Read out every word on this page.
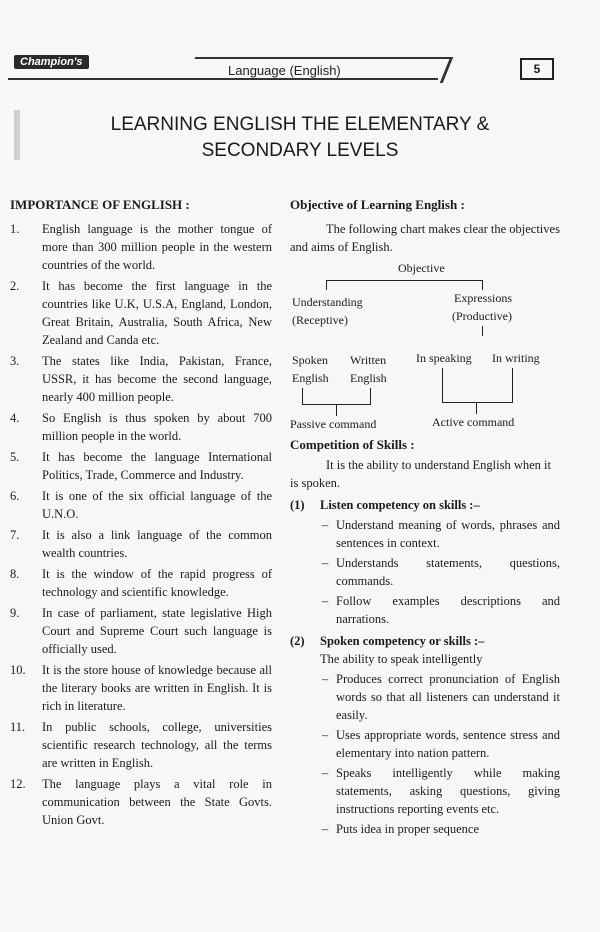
Champion's
Language (English)	5
LEARNING ENGLISH THE ELEMENTARY &
SECONDARY LEVELS
IMPORTANCE OF ENGLISH :
1. English language is the mother tongue of more than 300 million people in the western countries of the world.
2. It has become the first language in the countries like U.K, U.S.A, England, London, Great Britain, Australia, South Africa, New Zealand and Canda etc.
3. The states like India, Pakistan, France, USSR, it has become the second language, nearly 400 million people.
4. So English is thus spoken by about 700 million people in the world.
5. It has become the language International Politics, Trade, Commerce and Industry.
6. It is one of the six official language of the U.N.O.
7. It is also a link language of the common wealth countries.
8. It is the window of the rapid progress of technology and scientific knowledge.
9. In case of parliament, state legislative High Court and Supreme Court such language is officially used.
10. It is the store house of knowledge because all the literary books are written in English. It is rich in literature.
11. In public schools, college, universities scientific research technology, all the terms are written in English.
12. The language plays a vital role in communication between the State Govts. Union Govt.
Objective of Learning English :

The following chart makes clear the objectives and aims of English.

Objective
Understanding
(Receptive)
Expressions
(Productive)
Spoken
English
Written
English
In speaking In writing
Passive command	Active command
Competition of Skills :

It is the ability to understand English when it is spoken.

(1) Listen competency on skills :–
– Understand meaning of words, phrases and sentences in context.
– Understands statements, questions, commands.
– Follow examples descriptions and narrations.
(2) Spoken competency or skills :–

The ability to speak intelligently

– Produces correct pronunciation of English words so that all listeners can understand it easily.
– Uses appropriate words, sentence stress and elementary into nation pattern.
– Speaks intelligently while making statements, asking questions, giving instructions reporting events etc.
– Puts idea in proper sequence
